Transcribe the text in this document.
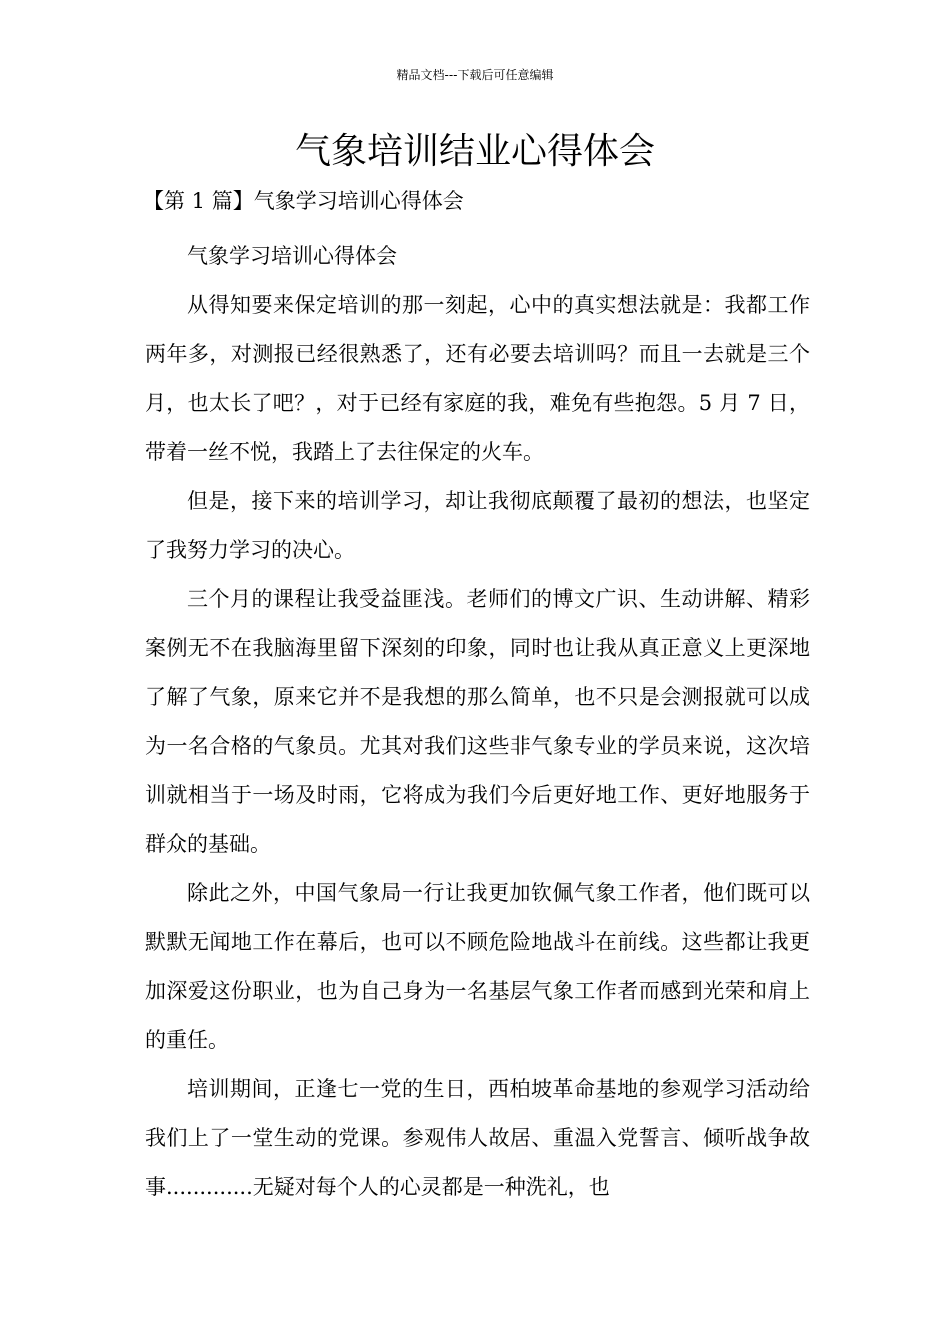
精品文档---下载后可任意编辑
气象培训结业心得体会
【第 1 篇】气象学习培训心得体会

气象学习培训心得体会

从得知要来保定培训的那一刻起，心中的真实想法就是：我都工作两年多，对测报已经很熟悉了，还有必要去培训吗？而且一去就是三个月，也太长了吧？，对于已经有家庭的我，难免有些抱怨。5 月 7 日，带着一丝不悦，我踏上了去往保定的火车。

但是，接下来的培训学习，却让我彻底颠覆了最初的想法，也坚定了我努力学习的决心。

三个月的课程让我受益匪浅。老师们的博文广识、生动讲解、精彩案例无不在我脑海里留下深刻的印象，同时也让我从真正意义上更深地了解了气象，原来它并不是我想的那么简单，也不只是会测报就可以成为一名合格的气象员。尤其对我们这些非气象专业的学员来说，这次培训就相当于一场及时雨，它将成为我们今后更好地工作、更好地服务于群众的基础。

除此之外，中国气象局一行让我更加钦佩气象工作者，他们既可以默默无闻地工作在幕后，也可以不顾危险地战斗在前线。这些都让我更加深爱这份职业，也为自己身为一名基层气象工作者而感到光荣和肩上的重任。

培训期间，正逢七一党的生日，西柏坡革命基地的参观学习活动给我们上了一堂生动的党课。参观伟人故居、重温入党誓言、倾听战争故事.............无疑对每个人的心灵都是一种洗礼，也
